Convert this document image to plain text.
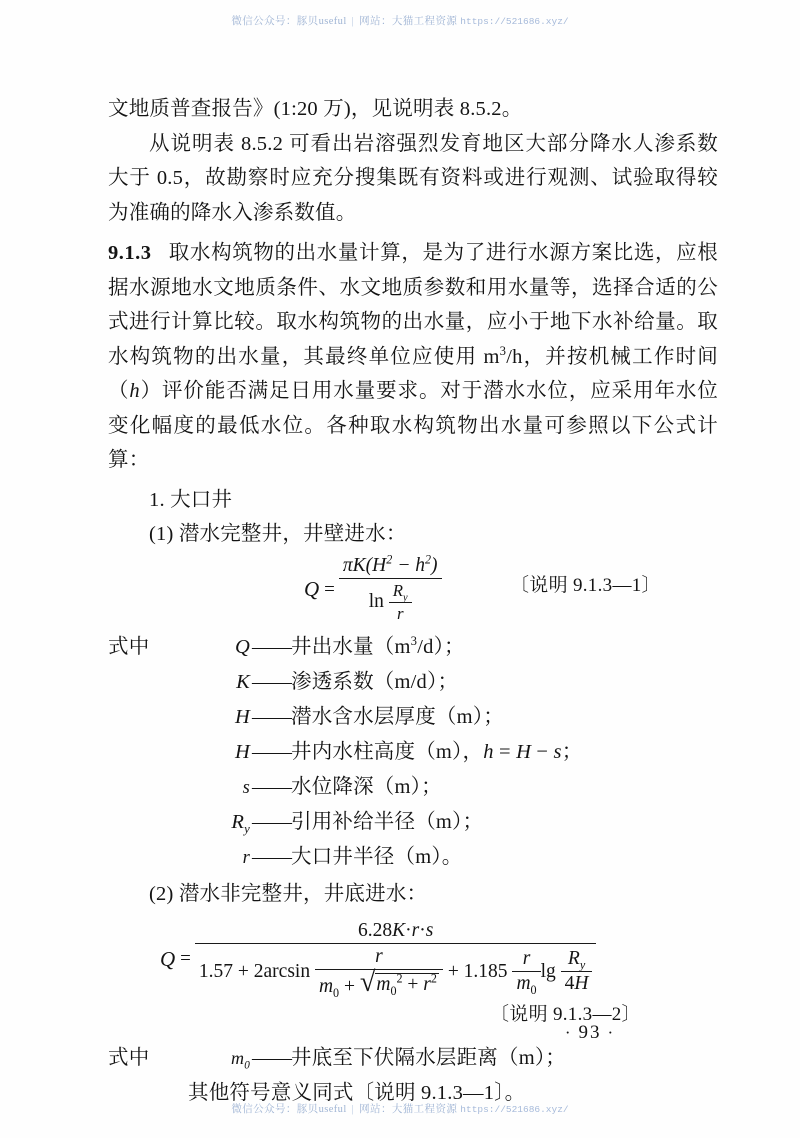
微信公众号：豚贝useful | 网站：大猫工程资源 https://521686.xyz/

文地质普查报告》(1:20 万)，见说明表 8.5.2。

从说明表 8.5.2 可看出岩溶强烈发育地区大部分降水人渗系数大于 0.5，故勘察时应充分搜集既有资料或进行观测、试验取得较为准确的降水入渗系数值。

9.1.3 取水构筑物的出水量计算，是为了进行水源方案比选，应根据水源地水文地质条件、水文地质参数和用水量等，选择合适的公式进行计算比较。取水构筑物的出水量，应小于地下水补给量。取水构筑物的出水量，其最终单位应使用 $m^3/h$，并按机械工作时间（h）评价能否满足日用水量要求。对于潜水水位，应采用年水位变化幅度的最低水位。各种取水构筑物出水量可参照以下公式计算：

1. 大口井

(1) 潜水完整井，井壁进水：

$Q = \frac{\pi K(H^2 - h^2)}{\ln \frac{R_y}{r}}$	〔说明 9.1.3—1〕
式中	Q——井出水量$(m^3/d)$；
K——渗透系数（m/d）；
H——潜水含水层厚度（m）；
H——井内水柱高度（m），h = H − s；
s——水位降深（m）；
$R_y——$引用补给半径（m）；
r——大口井半径（m）。

(2) 潜水非完整井，井底进水：

Q =
6.28K·r·s
1.57 + 2arcsin
$\frac{r}{m_0 + √ m_0^2 + r^2}$
+ 1.185
$\frac{r}{m_0}$ lg
$\frac{R_y}{4H}$
〔说明 9.1.3—2〕
式中	$m_0——$井底至下伏隔水层距离（m）；
其他符号意义同式〔说明 9.1.3—1〕。
· 93 ·
微信公众号：豚贝useful | 网站：大猫工程资源 https://521686.xyz/
